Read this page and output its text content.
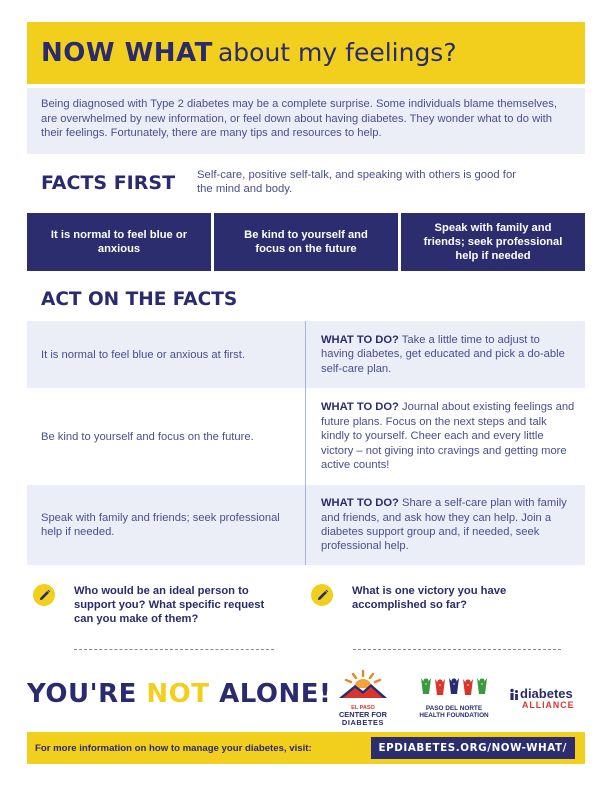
NOW WHAT about my feelings?
Being diagnosed with Type 2 diabetes may be a complete surprise. Some individuals blame themselves, are overwhelmed by new information, or feel down about having diabetes. They wonder what to do with their feelings. Fortunately, there are many tips and resources to help.
FACTS FIRST Self-care, positive self-talk, and speaking with others is good for the mind and body.
It is normal to feel blue or anxious
Be kind to yourself and focus on the future
Speak with family and friends; seek professional help if needed
ACT ON THE FACTS
It is normal to feel blue or anxious at first.
WHAT TO DO? Take a little time to adjust to having diabetes, get educated and pick a do-able self-care plan.
Be kind to yourself and focus on the future.
WHAT TO DO? Journal about existing feelings and future plans. Focus on the next steps and talk kindly to yourself. Cheer each and every little victory – not giving into cravings and getting more active counts!
Speak with family and friends; seek professional help if needed.
WHAT TO DO? Share a self-care plan with family and friends, and ask how they can help. Join a diabetes support group and, if needed, seek professional help.
Who would be an ideal person to support you? What specific request can you make of them?
What is one victory you have accomplished so far?
YOU'RE NOT ALONE!	EL PASO
CENTER FOR
DIABETES
PASO DEL NORTE
HEALTH FOUNDATION
diabetes
ALLIANCE
For more information on how to manage your diabetes, visit:	EPDIABETES.ORG/NOW-WHAT/
